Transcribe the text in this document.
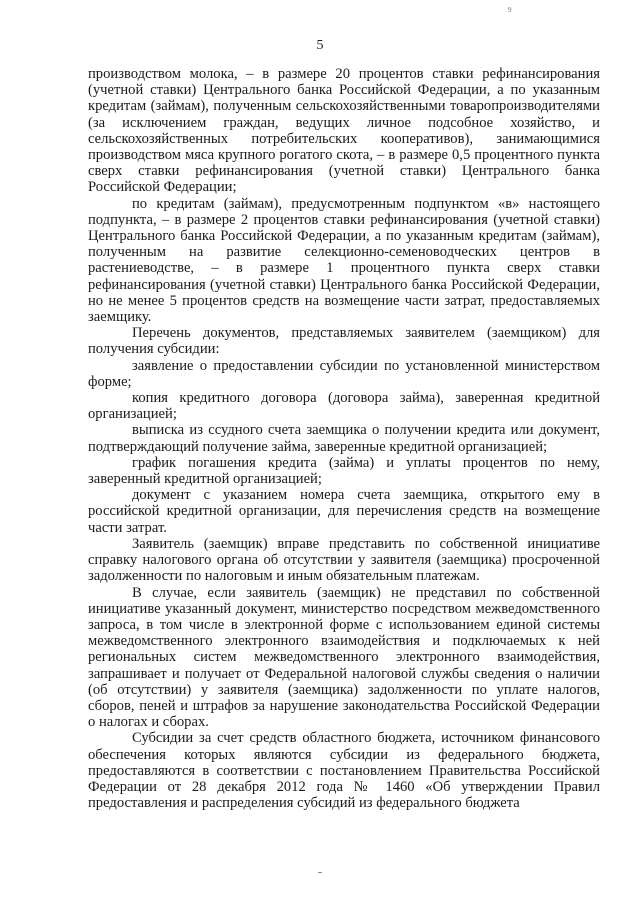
9
5

производством молока, – в размере 20 процентов ставки рефинансирования (учетной ставки) Центрального банка Российской Федерации, а по указанным кредитам (займам), полученным сельскохозяйственными товаропроизводителями (за исключением граждан, ведущих личное подсобное хозяйство, и сельскохозяйственных потребительских кооперативов), занимающимися производством мяса крупного рогатого скота, – в размере 0,5 процентного пункта сверх ставки рефинансирования (учетной ставки) Центрального банка Российской Федерации;

по кредитам (займам), предусмотренным подпунктом «в» настоящего подпункта, – в размере 2 процентов ставки рефинансирования (учетной ставки) Центрального банка Российской Федерации, а по указанным кредитам (займам), полученным на развитие селекционно-семеноводческих центров в растениеводстве, – в размере 1 процентного пункта сверх ставки рефинансирования (учетной ставки) Центрального банка Российской Федерации, но не менее 5 процентов средств на возмещение части затрат, предоставляемых заемщику.

Перечень документов, представляемых заявителем (заемщиком) для получения субсидии:

заявление о предоставлении субсидии по установленной министерством форме;

копия кредитного договора (договора займа), заверенная кредитной организацией;

выписка из ссудного счета заемщика о получении кредита или документ, подтверждающий получение займа, заверенные кредитной организацией;

график погашения кредита (займа) и уплаты процентов по нему, заверенный кредитной организацией;

документ с указанием номера счета заемщика, открытого ему в российской кредитной организации, для перечисления средств на возмещение части затрат.

Заявитель (заемщик) вправе представить по собственной инициативе справку налогового органа об отсутствии у заявителя (заемщика) просроченной задолженности по налоговым и иным обязательным платежам.

В случае, если заявитель (заемщик) не представил по собственной инициативе указанный документ, министерство посредством межведомственного запроса, в том числе в электронной форме с использованием единой системы межведомственного электронного взаимодействия и подключаемых к ней региональных систем межведомственного электронного взаимодействия, запрашивает и получает от Федеральной налоговой службы сведения о наличии (об отсутствии) у заявителя (заемщика) задолженности по уплате налогов, сборов, пеней и штрафов за нарушение законодательства Российской Федерации о налогах и сборах.

Субсидии за счет средств областного бюджета, источником финансового обеспечения которых являются субсидии из федерального бюджета, предоставляются в соответствии с постановлением Правительства Российской Федерации от 28 декабря 2012 года № 1460 «Об утверждении Правил предоставления и распределения субсидий из федерального бюджета
